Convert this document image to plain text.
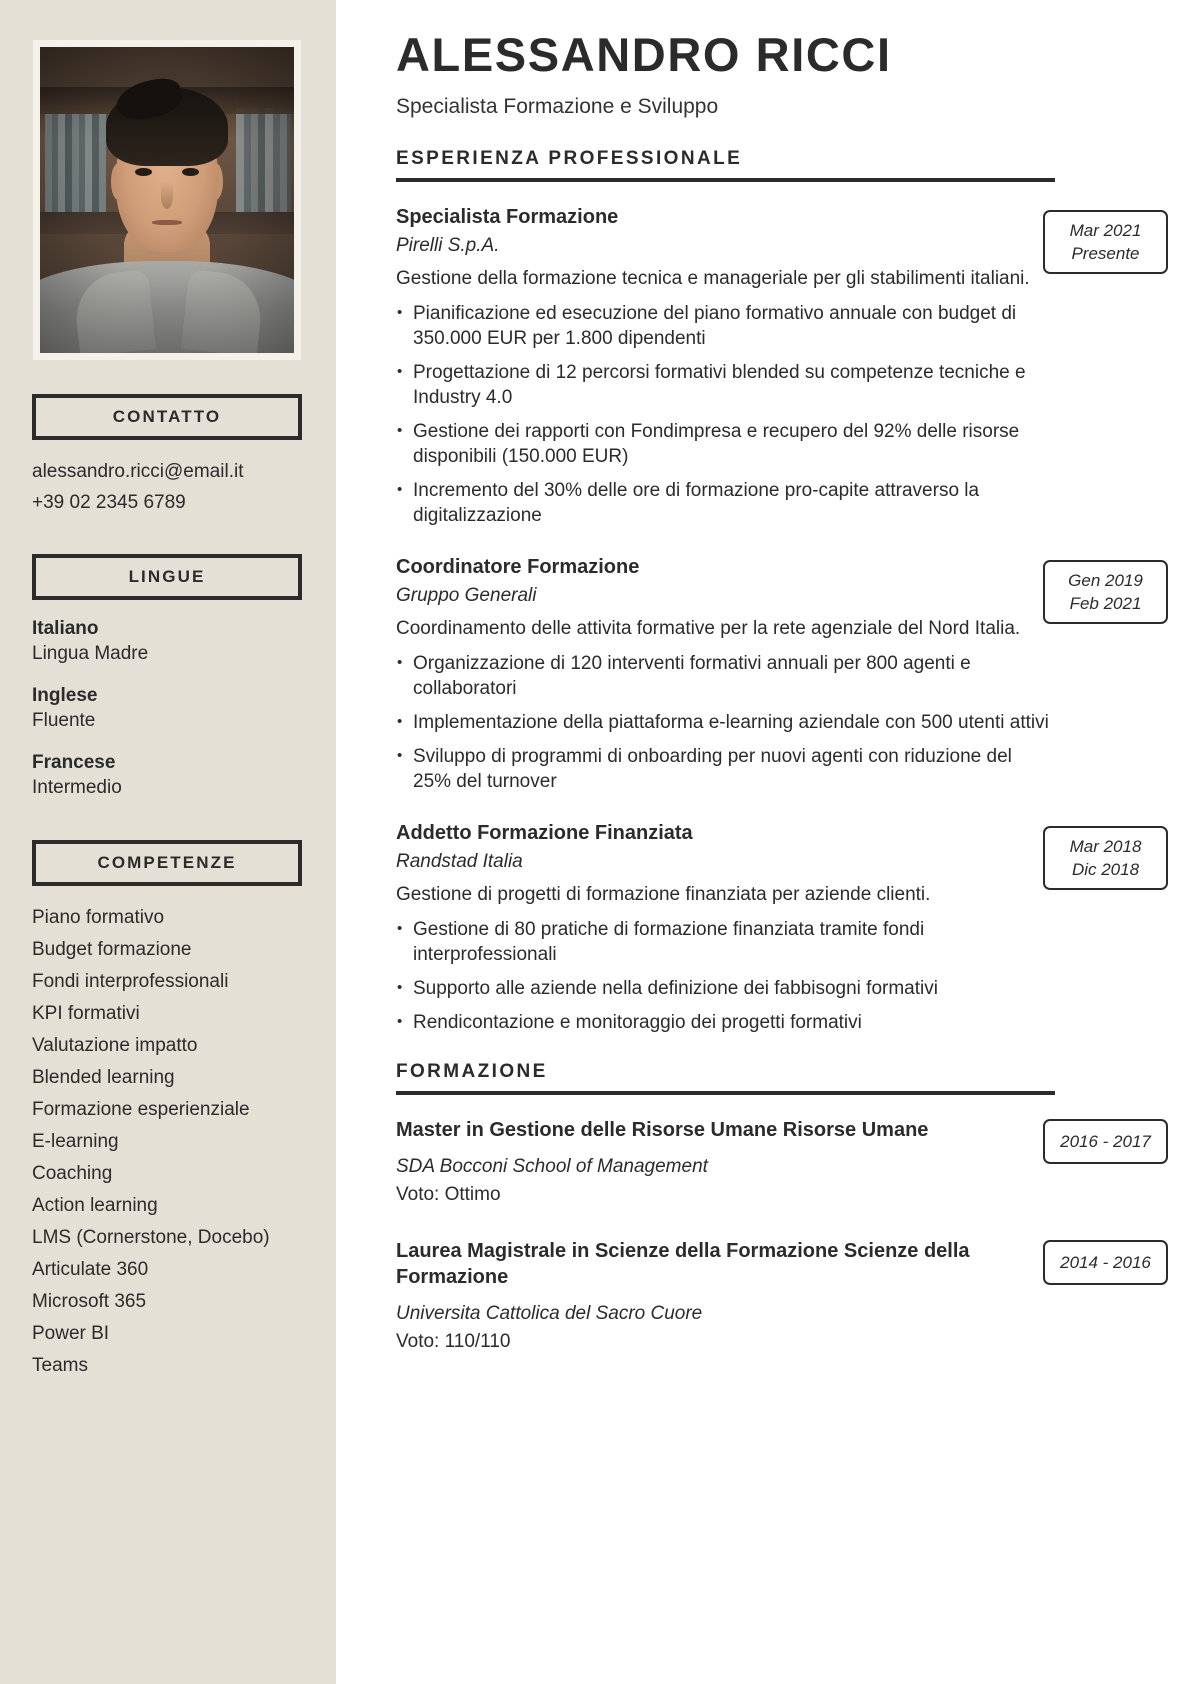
CONTATTO
alessandro.ricci@email.it
+39 02 2345 6789
LINGUE
Italiano
Lingua Madre
Inglese
Fluente
Francese
Intermedio
COMPETENZE
Piano formativo
Budget formazione
Fondi interprofessionali
KPI formativi
Valutazione impatto
Blended learning
Formazione esperienziale
E-learning
Coaching
Action learning
LMS (Cornerstone, Docebo)
Articulate 360
Microsoft 365
Power BI
Teams
ALESSANDRO RICCI
Specialista Formazione e Sviluppo
ESPERIENZA PROFESSIONALE
Mar 2021
Presente
Specialista Formazione
Pirelli S.p.A.
Gestione della formazione tecnica e manageriale per gli stabilimenti italiani.
• Pianificazione ed esecuzione del piano formativo annuale con budget di 350.000 EUR per 1.800 dipendenti
• Progettazione di 12 percorsi formativi blended su competenze tecniche e Industry 4.0
• Gestione dei rapporti con Fondimpresa e recupero del 92% delle risorse disponibili (150.000 EUR)
• Incremento del 30% delle ore di formazione pro-capite attraverso la digitalizzazione
Gen 2019
Feb 2021
Coordinatore Formazione
Gruppo Generali
Coordinamento delle attivita formative per la rete agenziale del Nord Italia.
• Organizzazione di 120 interventi formativi annuali per 800 agenti e collaboratori
• Implementazione della piattaforma e-learning aziendale con 500 utenti attivi
• Sviluppo di programmi di onboarding per nuovi agenti con riduzione del 25% del turnover
Mar 2018
Dic 2018
Addetto Formazione Finanziata
Randstad Italia
Gestione di progetti di formazione finanziata per aziende clienti.
• Gestione di 80 pratiche di formazione finanziata tramite fondi interprofessionali
• Supporto alle aziende nella definizione dei fabbisogni formativi
• Rendicontazione e monitoraggio dei progetti formativi
FORMAZIONE
2016 - 2017
Master in Gestione delle Risorse Umane Risorse Umane
SDA Bocconi School of Management
Voto: Ottimo
2014 - 2016
Laurea Magistrale in Scienze della Formazione Scienze della Formazione
Universita Cattolica del Sacro Cuore
Voto: 110/110
